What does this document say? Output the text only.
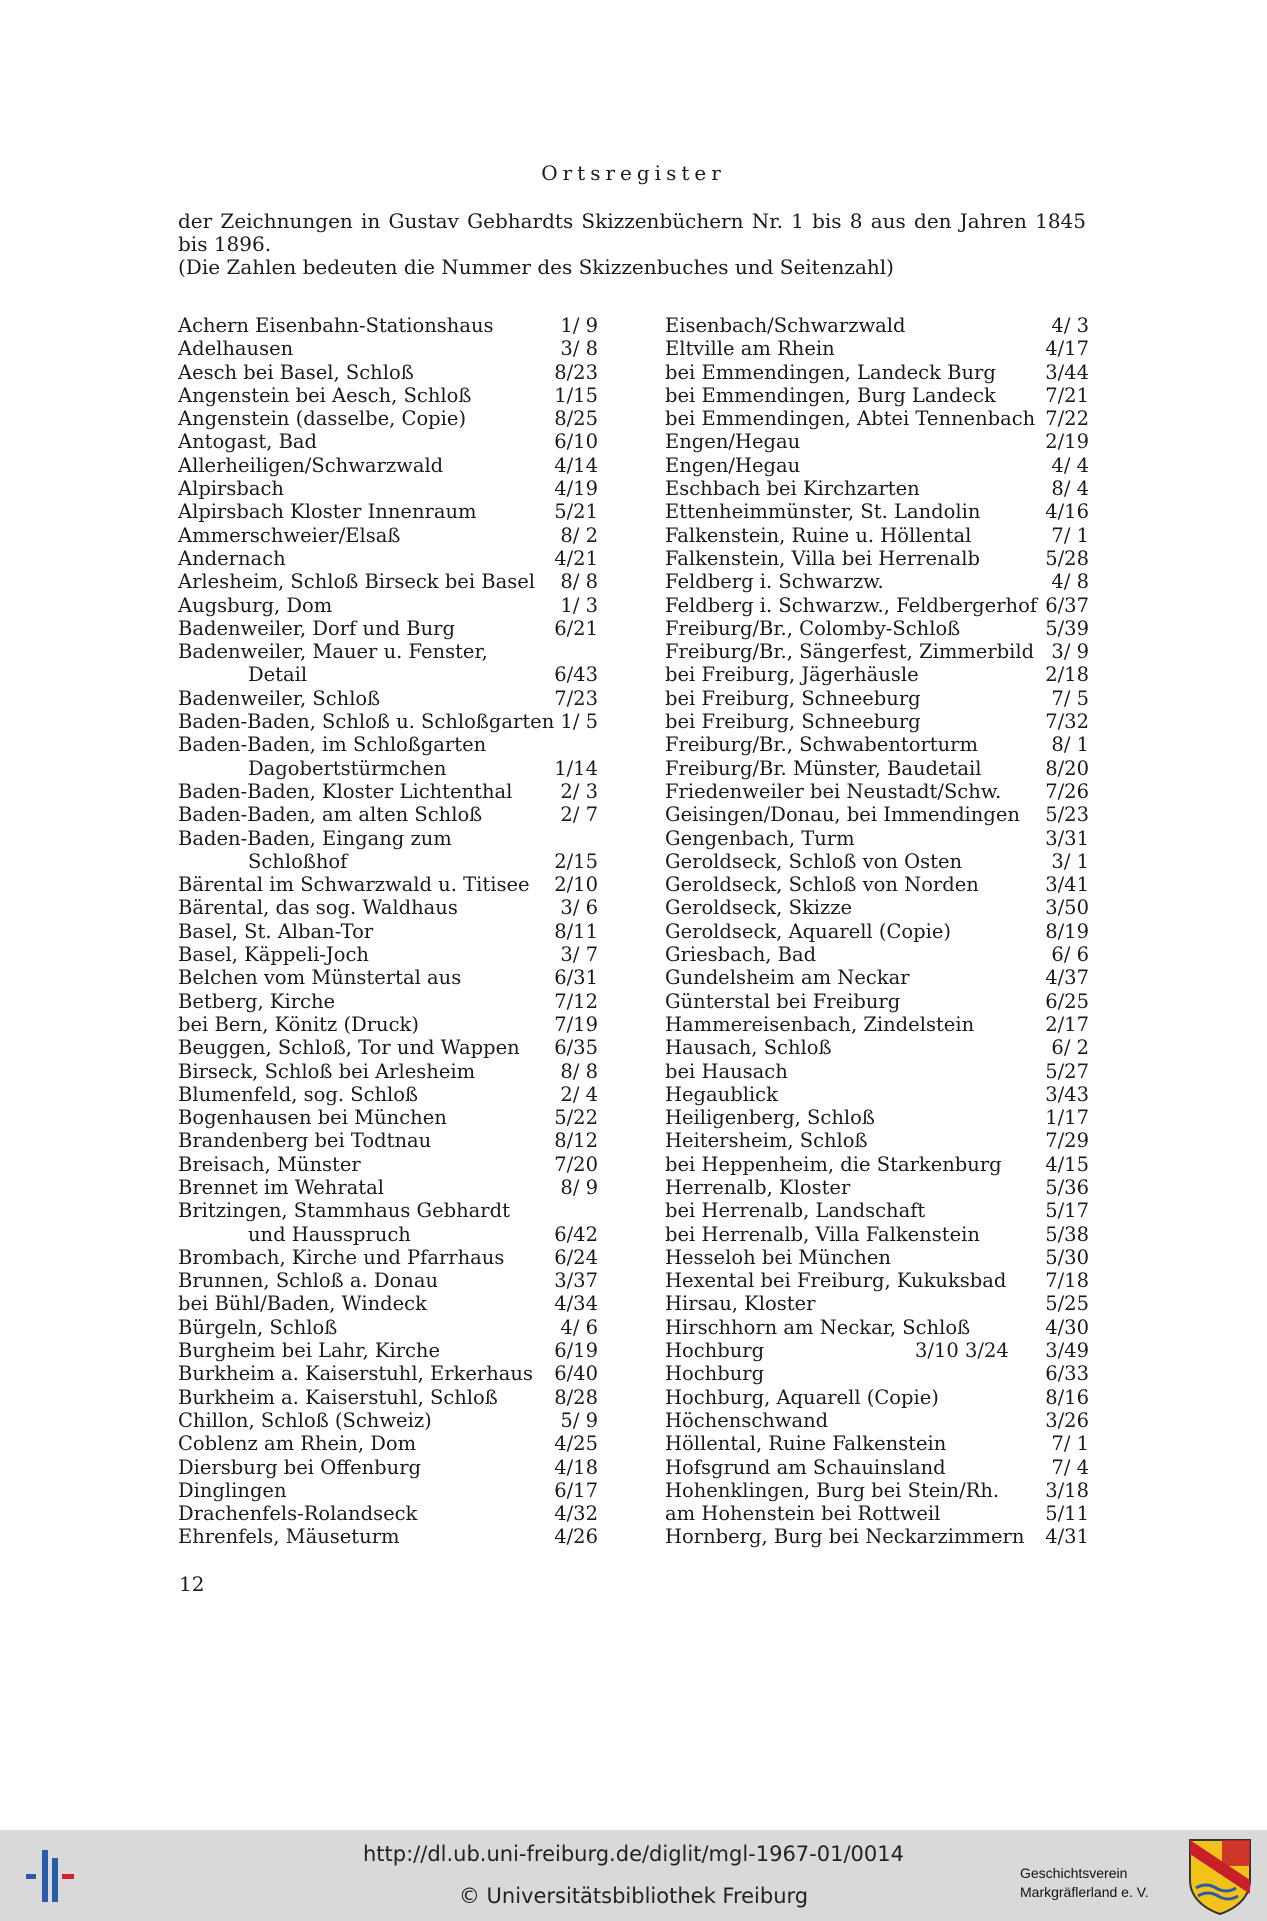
Ortsregister

der Zeichnungen in Gustav Gebhardts Skizzenbüchern Nr. 1 bis 8 aus den Jahren 1845 bis 1896.

(Die Zahlen bedeuten die Nummer des Skizzenbuches und Seitenzahl)

Achern Eisenbahn-Stationshaus	1/ 9
Adelhausen	3/ 8
Aesch bei Basel, Schloß	8/23
Angenstein bei Aesch, Schloß	1/15
Angenstein (dasselbe, Copie)	8/25
Antogast, Bad	6/10
Allerheiligen/Schwarzwald	4/14
Alpirsbach	4/19
Alpirsbach Kloster Innenraum	5/21
Ammerschweier/Elsaß	8/ 2
Andernach	4/21
Arlesheim, Schloß Birseck bei Basel 8/ 8
Augsburg, Dom	1/ 3
Badenweiler, Dorf und Burg	6/21
Badenweiler, Mauer u. Fenster,
Detail	6/43
Badenweiler, Schloß	7/23
Baden-Baden, Schloß u. Schloßgarten 1/ 5
Baden-Baden, im Schloßgarten
Dagobertstürmchen	1/14
Baden-Baden, Kloster Lichtenthal 2/ 3
Baden-Baden, am alten Schloß	2/ 7
Baden-Baden, Eingang zum
Schloßhof	2/15
Bärental im Schwarzwald u. Titisee 2/10
Bärental, das sog. Waldhaus	3/ 6
Basel, St. Alban-Tor	8/11
Basel, Käppeli-Joch	3/ 7
Belchen vom Münstertal aus	6/31
Betberg, Kirche	7/12
bei Bern, Könitz (Druck)	7/19
Beuggen, Schloß, Tor und Wappen 6/35
Birseck, Schloß bei Arlesheim	8/ 8
Blumenfeld, sog. Schloß	2/ 4
Bogenhausen bei München	5/22
Brandenberg bei Todtnau	8/12
Breisach, Münster	7/20
Brennet im Wehratal	8/ 9
Britzingen, Stammhaus Gebhardt
und Hausspruch	6/42
Brombach, Kirche und Pfarrhaus	6/24
Brunnen, Schloß a. Donau	3/37
bei Bühl/Baden, Windeck	4/34
Bürgeln, Schloß	4/ 6
Burgheim bei Lahr, Kirche	6/19
Burkheim a. Kaiserstuhl, Erkerhaus 6/40
Burkheim a. Kaiserstuhl, Schloß	8/28
Chillon, Schloß (Schweiz)	5/ 9
Coblenz am Rhein, Dom	4/25
Diersburg bei Offenburg	4/18
Dinglingen	6/17
Drachenfels-Rolandseck	4/32
Ehrenfels, Mäuseturm	4/26
Eisenbach/Schwarzwald	4/ 3
Eltville am Rhein	4/17
bei Emmendingen, Landeck Burg	3/44
bei Emmendingen, Burg Landeck	7/21
bei Emmendingen, Abtei Tennenbach 7/22
Engen/Hegau	2/19
Engen/Hegau	4/ 4
Eschbach bei Kirchzarten	8/ 4
Ettenheimmünster, St. Landolin	4/16
Falkenstein, Ruine u. Höllental	7/ 1
Falkenstein, Villa bei Herrenalb	5/28
Feldberg i. Schwarzw.	4/ 8
Feldberg i. Schwarzw., Feldbergerhof 6/37
Freiburg/Br., Colomby-Schloß	5/39
Freiburg/Br., Sängerfest, Zimmerbild 3/ 9
bei Freiburg, Jägerhäusle	2/18
bei Freiburg, Schneeburg	7/ 5
bei Freiburg, Schneeburg	7/32
Freiburg/Br., Schwabentorturm	8/ 1
Freiburg/Br. Münster, Baudetail	8/20
Friedenweiler bei Neustadt/Schw. 7/26
Geisingen/Donau, bei Immendingen 5/23
Gengenbach, Turm	3/31
Geroldseck, Schloß von Osten	3/ 1
Geroldseck, Schloß von Norden	3/41
Geroldseck, Skizze	3/50
Geroldseck, Aquarell (Copie)	8/19
Griesbach, Bad	6/ 6
Gundelsheim am Neckar	4/37
Günterstal bei Freiburg	6/25
Hammereisenbach, Zindelstein	2/17
Hausach, Schloß	6/ 2
bei Hausach	5/27
Hegaublick	3/43
Heiligenberg, Schloß	1/17
Heitersheim, Schloß	7/29
bei Heppenheim, die Starkenburg 4/15
Herrenalb, Kloster	5/36
bei Herrenalb, Landschaft	5/17
bei Herrenalb, Villa Falkenstein	5/38
Hesseloh bei München	5/30
Hexental bei Freiburg, Kukuksbad 7/18
Hirsau, Kloster	5/25
Hirschhorn am Neckar, Schloß	4/30
Hochburg	3/10 3/24 3/49
Hochburg	6/33
Hochburg, Aquarell (Copie)	8/16
Höchenschwand	3/26
Höllental, Ruine Falkenstein	7/ 1
Hofsgrund am Schauinsland	7/ 4
Hohenklingen, Burg bei Stein/Rh. 3/18
am Hohenstein bei Rottweil	5/11
Hornberg, Burg bei Neckarzimmern 4/31
12
http://dl.ub.uni-freiburg.de/diglit/mgl-1967-01/0014
© Universitätsbibliothek Freiburg
Geschichtsverein
Markgräflerland e. V.
